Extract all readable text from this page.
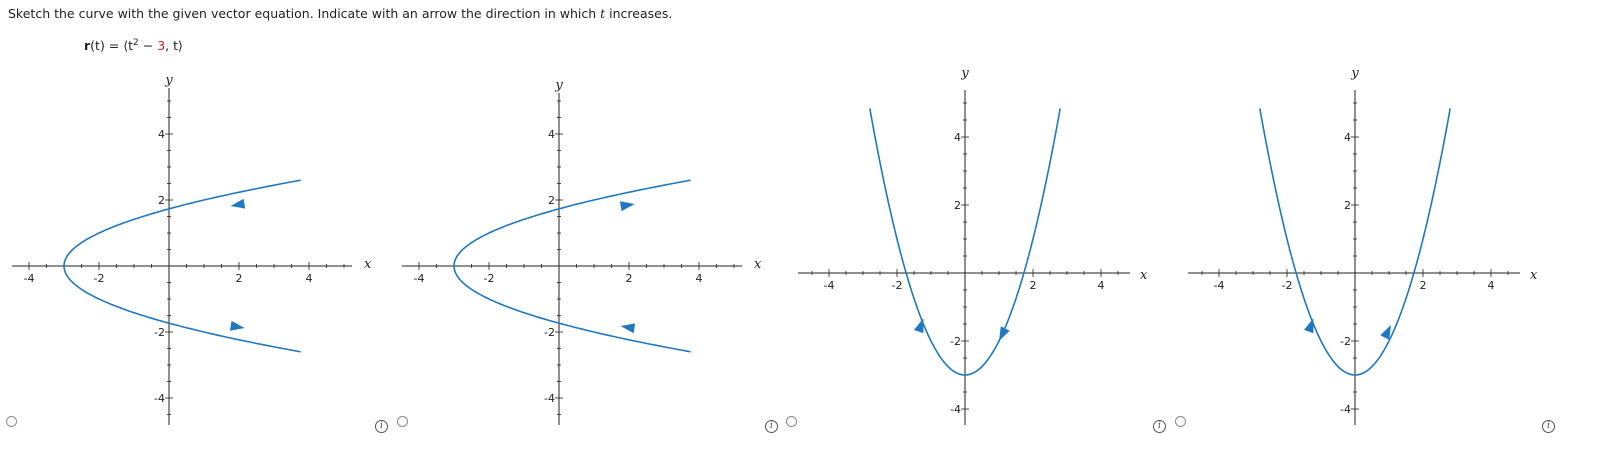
Sketch the curve with the given vector equation. Indicate with an arrow the direction in which t increases.
$r(t) = ⟨t^2 - 3$, t⟩
-4	-2	2	4
4
2
-2
-4
x
y
i
-4	-2	2	4
4
2
-2
-4
x
y
i
-4	-2	2	4
4
2
-2
-4
x
y
i
-4	-2	2	4
4
2
-2
-4
x
y
i
